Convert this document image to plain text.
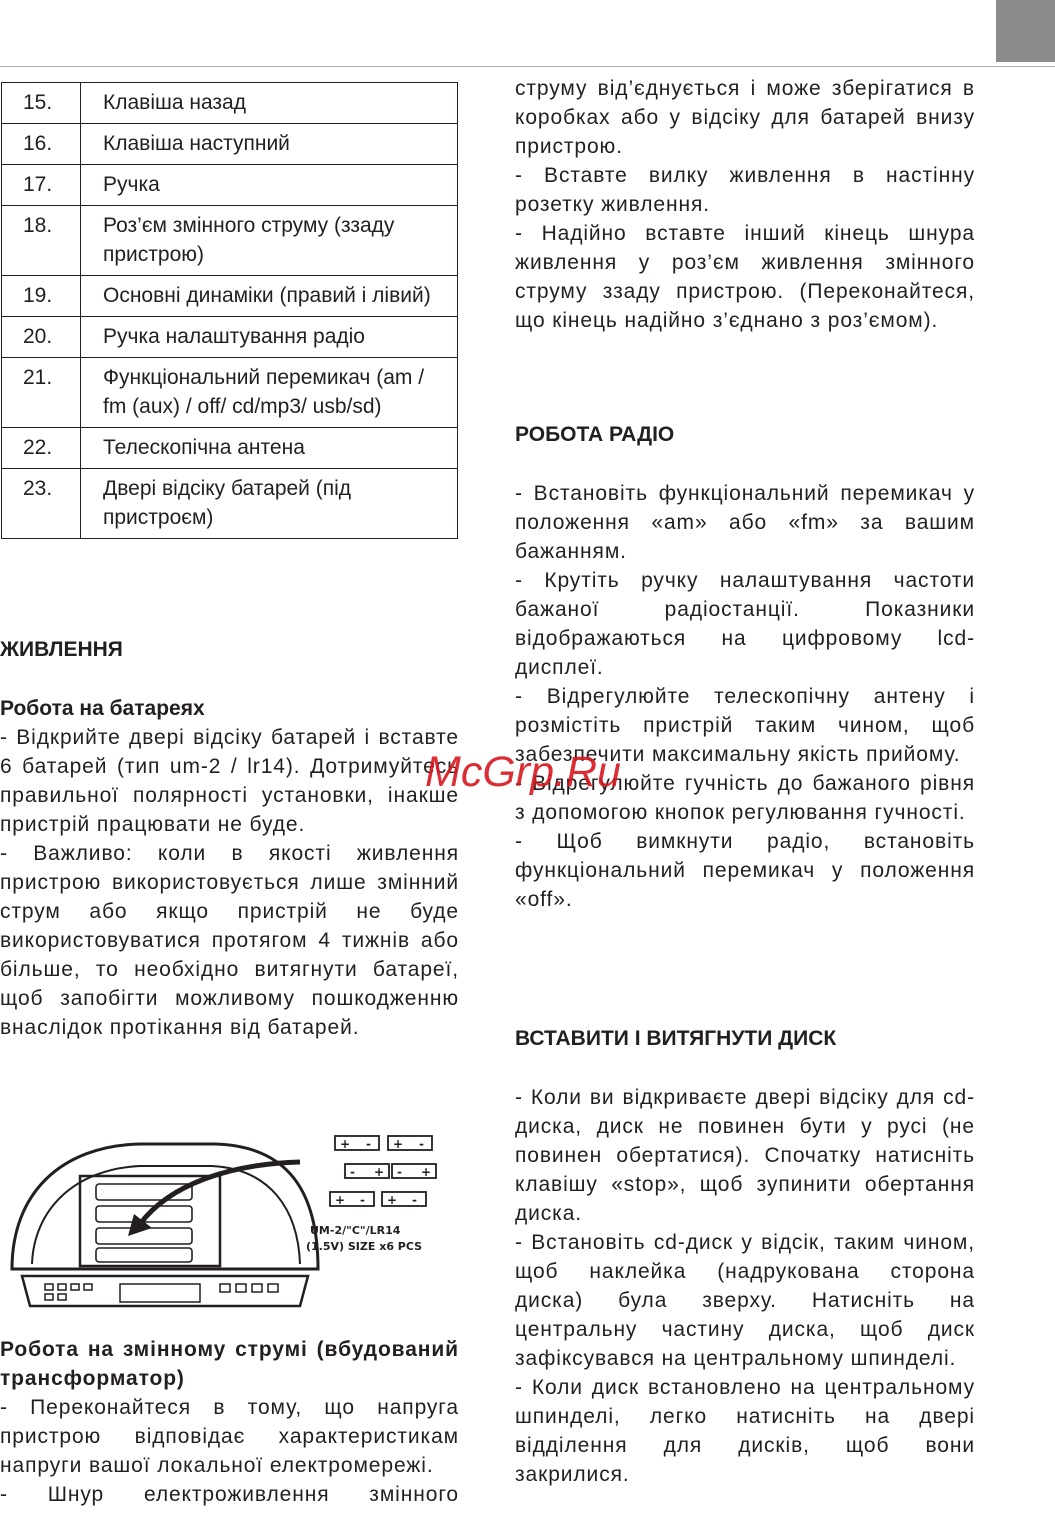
15.	Клавіша назад
16.	Клавіша наступний
17.	Ручка
18.	Роз’єм змінного струму (ззаду пристрою)
19.	Основні динаміки (правий і лівий)
20.	Ручка налаштування радіо
21.	Функціональний перемикач (am / fm (aux) / off/ cd/mp3/ usb/sd)
22.	Телескопічна антена
23.	Двері відсіку батарей (під пристроєм)
ЖИВЛЕННЯ
Робота на батареях

- Відкрийте двері відсіку батарей і вставте 6 батарей (тип um-2 / lr14). Дотримуйтесь правильної полярності установки, інакше пристрій працювати не буде.

- Важливо: коли в якості живлення пристрою використовується лише змінний струм або якщо пристрій не буде використовуватися протягом 4 тижнів або більше, то необхідно витягнути батареї, щоб запобігти можливому пошкодженню внаслідок протікання від батарей.

+ - + -
- + - +
+ - + -
UM-2/"C"/LR14
(1.5V) SIZE x6 PCS

Робота на змінному струмі (вбудований трансформатор)

- Переконайтеся в тому, що напруга пристрою відповідає характеристикам напруги вашої локальної електромережі.

- Шнур електроживлення змінного

струму від’єднується і може зберігатися в коробках або у відсіку для батарей внизу пристрою.

- Вставте вилку живлення в настінну розетку живлення.

- Надійно вставте інший кінець шнура живлення у роз’єм живлення змінного струму ззаду пристрою. (Переконайтеся, що кінець надійно з’єднано з роз’ємом).

РОБОТА РАДІО

- Встановіть функціональний перемикач у положення «am» або «fm» за вашим бажанням.

- Крутіть ручку налаштування частоти бажаної радіостанції. Показники відображаються на цифровому lcd-дисплеї.

- Відрегулюйте телескопічну антену і розмістіть пристрій таким чином, щоб забезпечити максимальну якість прийому.

- Відрегулюйте гучність до бажаного рівня з допомогою кнопок регулювання гучності.

- Щоб вимкнути радіо, встановіть функціональний перемикач у положення «off».

ВСТАВИТИ І ВИТЯГНУТИ ДИСК

- Коли ви відкриваєте двері відсіку для cd-диска, диск не повинен бути у русі (не повинен обертатися). Спочатку натисніть клавішу «stop», щоб зупинити обертання диска.

- Встановіть cd-диск у відсік, таким чином, щоб наклейка (надрукована сторона диска) була зверху. Натисніть на центральну частину диска, щоб диск зафіксувався на центральному шпинделі.

- Коли диск встановлено на центральному шпинделі, легко натисніть на двері відділення для дисків, щоб вони закрилися.

McGrp.Ru
